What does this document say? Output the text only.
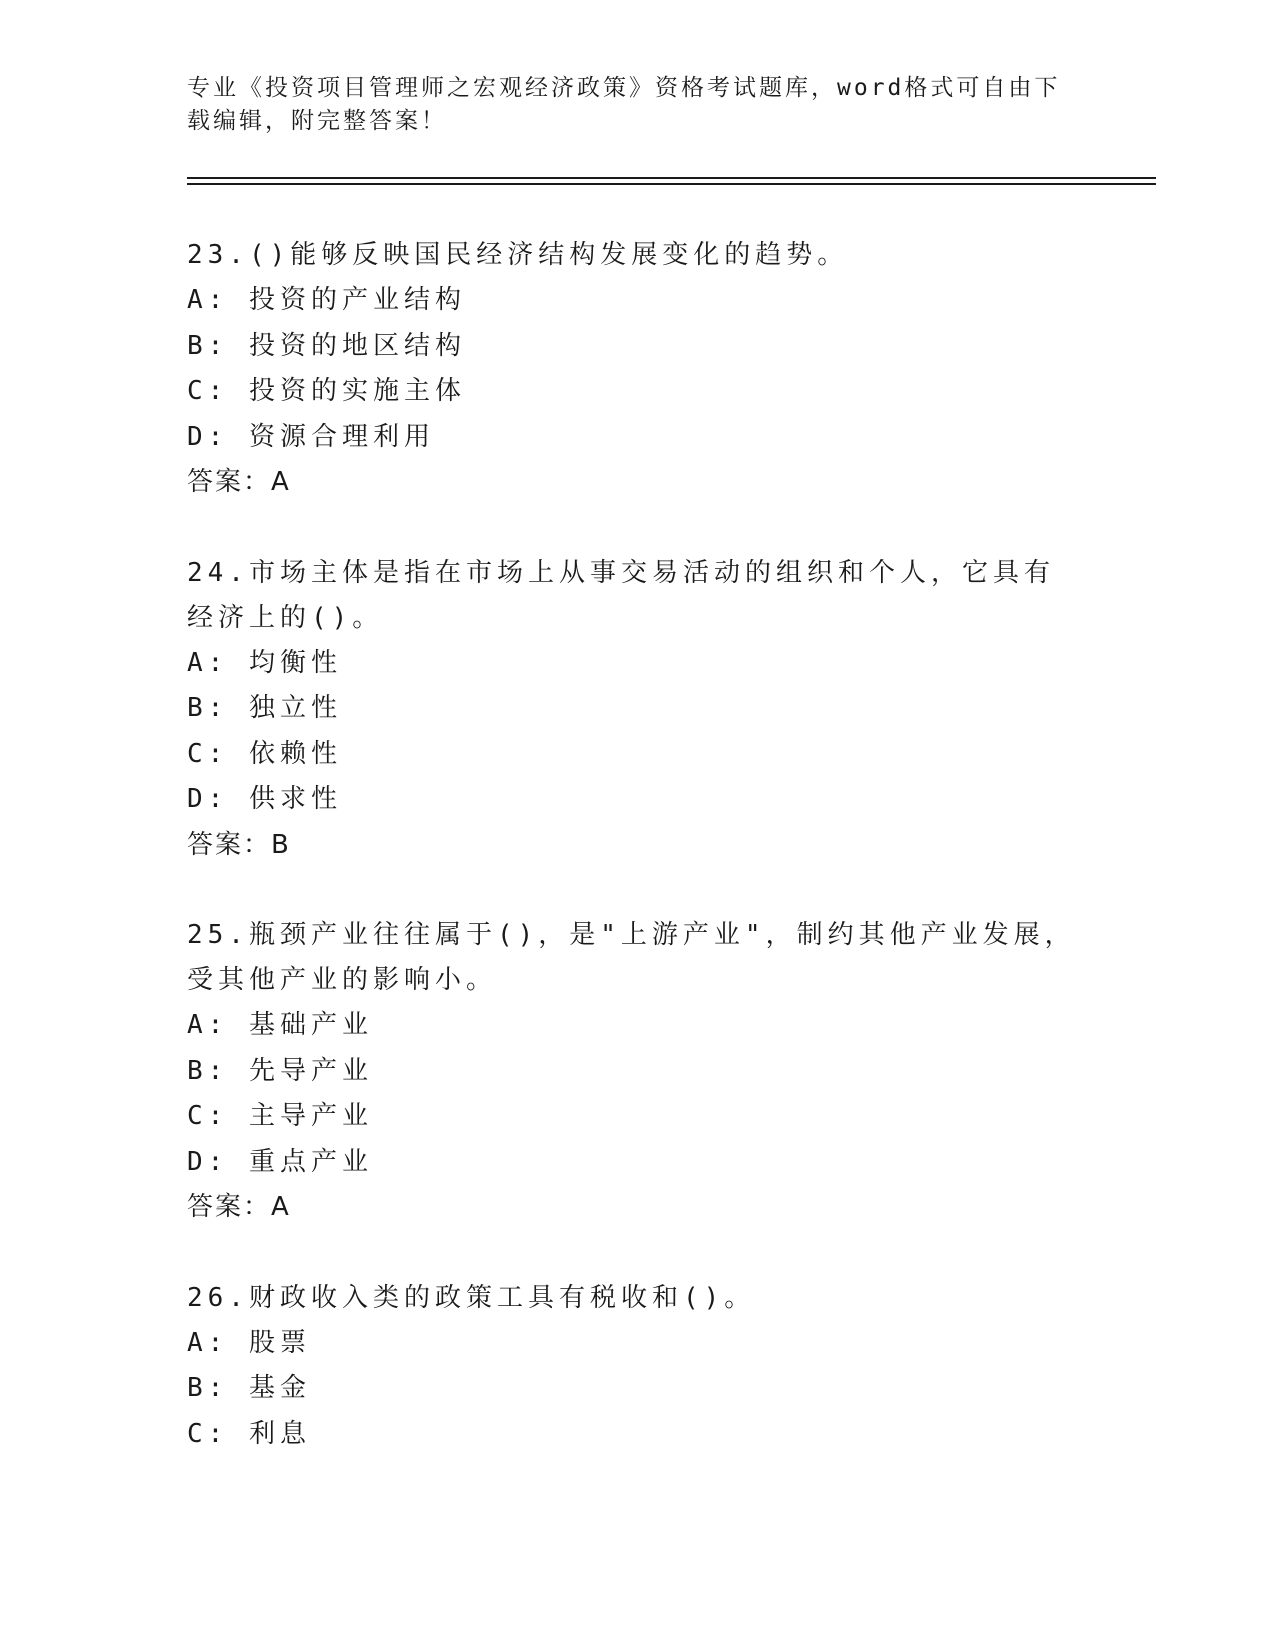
专业《投资项目管理师之宏观经济政策》资格考试题库，word格式可自由下载编辑，附完整答案！

23.()能够反映国民经济结构发展变化的趋势。

A: 投资的产业结构

B: 投资的地区结构

C: 投资的实施主体

D: 资源合理利用

答案：A

24.市场主体是指在市场上从事交易活动的组织和个人，它具有经济上的()。

A: 均衡性

B: 独立性

C: 依赖性

D: 供求性

答案：B

25.瓶颈产业往往属于()，是"上游产业"，制约其他产业发展，受其他产业的影响小。

A: 基础产业

B: 先导产业

C: 主导产业

D: 重点产业

答案：A

26.财政收入类的政策工具有税收和()。

A: 股票

B: 基金

C: 利息
